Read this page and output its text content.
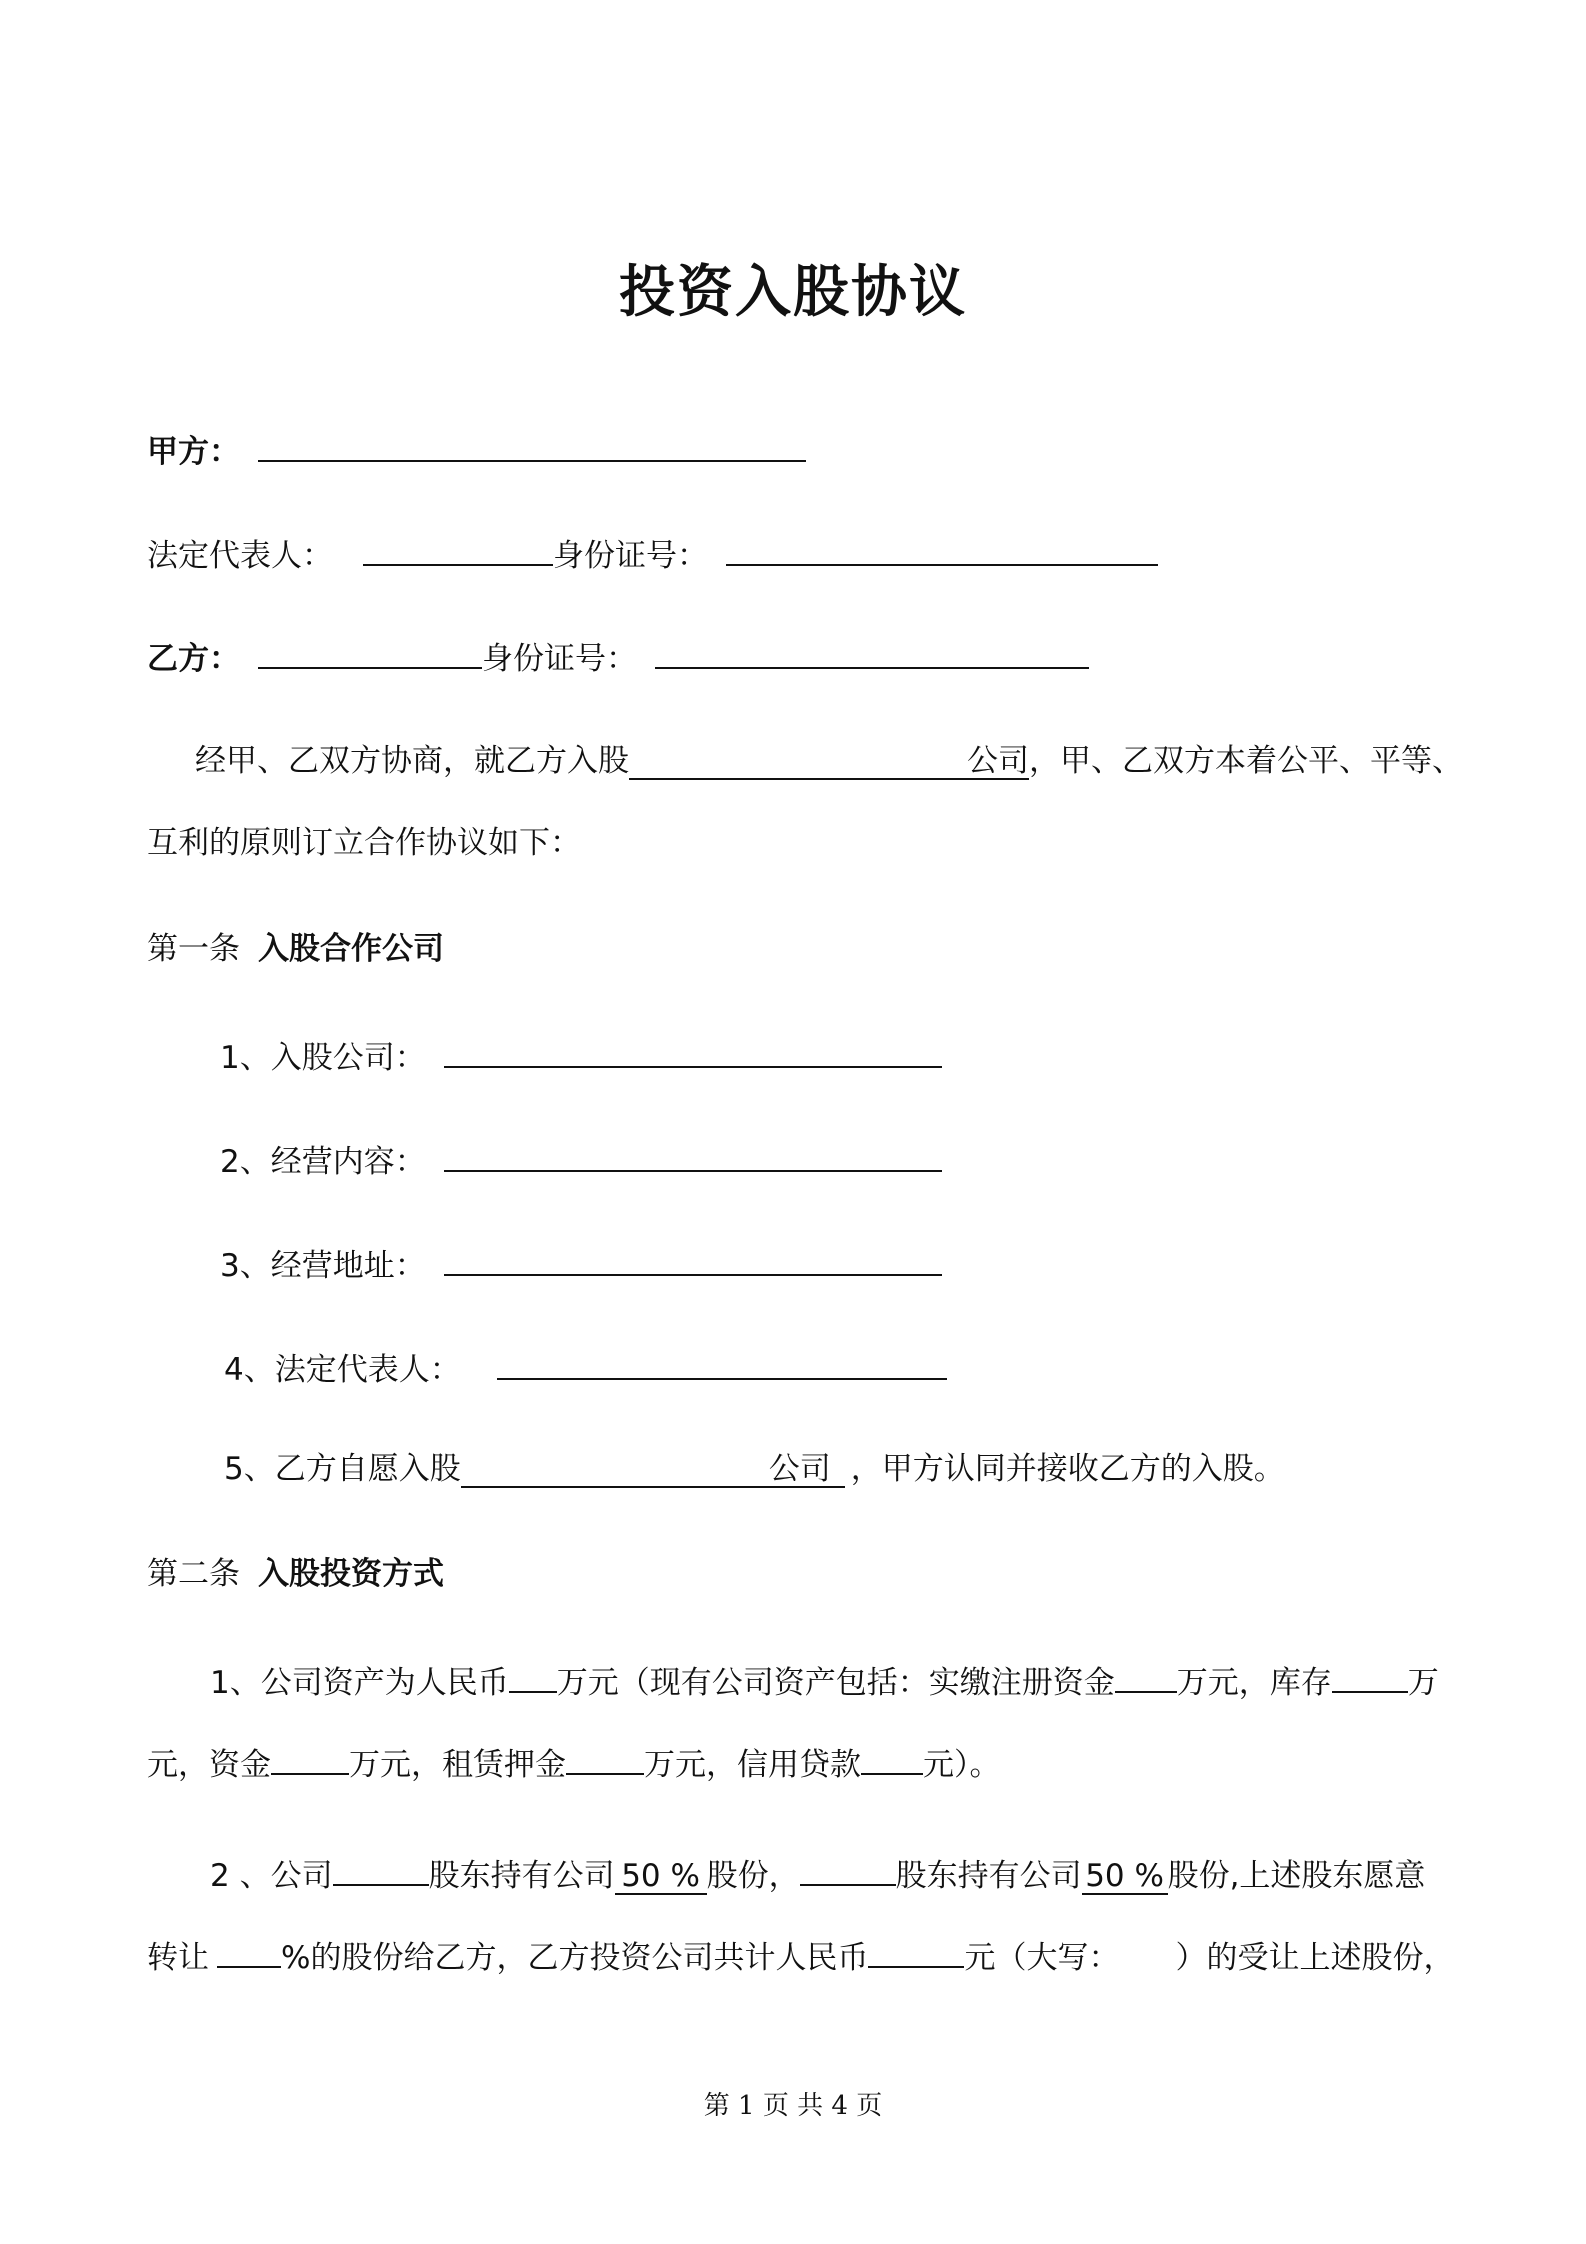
投资入股协议
甲方：
法定代表人：	身份证号：
乙方：	身份证号：
经甲、乙双方协商，就乙方入股	公司，甲、乙双方本着公平、平等、
互利的原则订立合作协议如下：
第一条 入股合作公司
1、入股公司：
2、经营内容：
3、经营地址：
4、法定代表人：
5、乙方自愿入股	公司 ，甲方认同并接收乙方的入股。
第二条 入股投资方式
1、公司资产为人民币 万元（现有公司资产包括：实缴注册资金 万元，库存 万
元，资金	万元，租赁押金	万元，信用贷款 元）。
2 、公司	股东持有公司 50 % 股份，	股东持有公司 50 % 股份,上述股东愿意
转让 %的股份给乙方，乙方投资公司共计人民币	元（大写： ）的受让上述股份，
第 1 页 共 4 页
